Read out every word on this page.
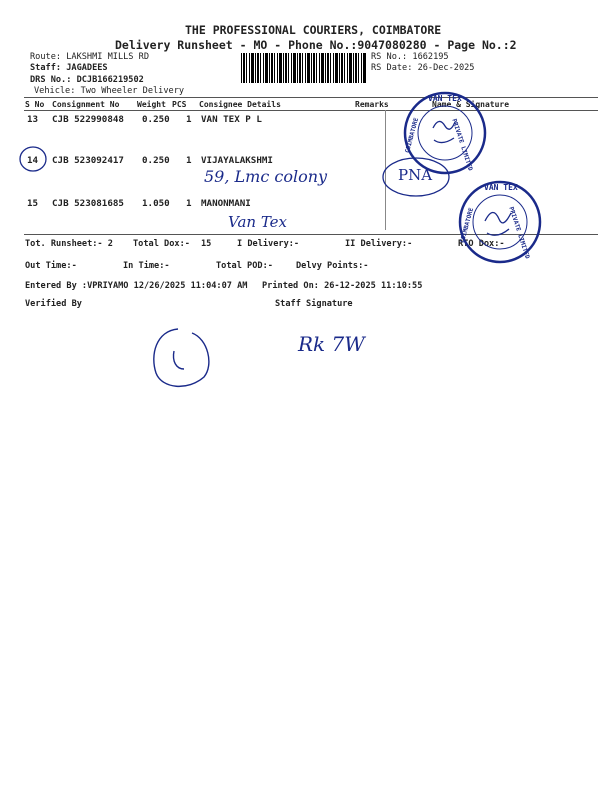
THE PROFESSIONAL COURIERS, COIMBATORE
Delivery Runsheet - MO - Phone No.:9047080280 - Page No.:2
Route: LAKSHMI MILLS RD
Staff: JAGADEES
DRS No.: DCJB166219502
Vehicle: Two Wheeler Delivery
RS No.: 1662195
RS Date: 26-Dec-2025
S No Consignment No Weight PCS Consignee Details	Remarks	Name & Signature
13 CJB 522990848 0.250 1 VAN TEX P L
14 CJB 523092417 0.250 1 VIJAYALAKSHMI
15 CJB 523081685 1.050 1 MANONMANI
Tot. Runsheet:- 2 Total Dox:- 15	I Delivery:-	II Delivery:-	RTO Dox:-
Out Time:-	In Time:-	Total POD:-	Delvy Points:-
Entered By :VPRIYAMO 12/26/2025 11:04:07 AM Printed On: 26-12-2025 11:10:55
Verified By	Staff Signature
59, Lmc colony	PNA
Van Tex
VAN TEX
PRIVATE LIMITED
COIMBATORE
VAN TEX
PRIVATE LIMITED
COIMBATORE
Rk 7W
